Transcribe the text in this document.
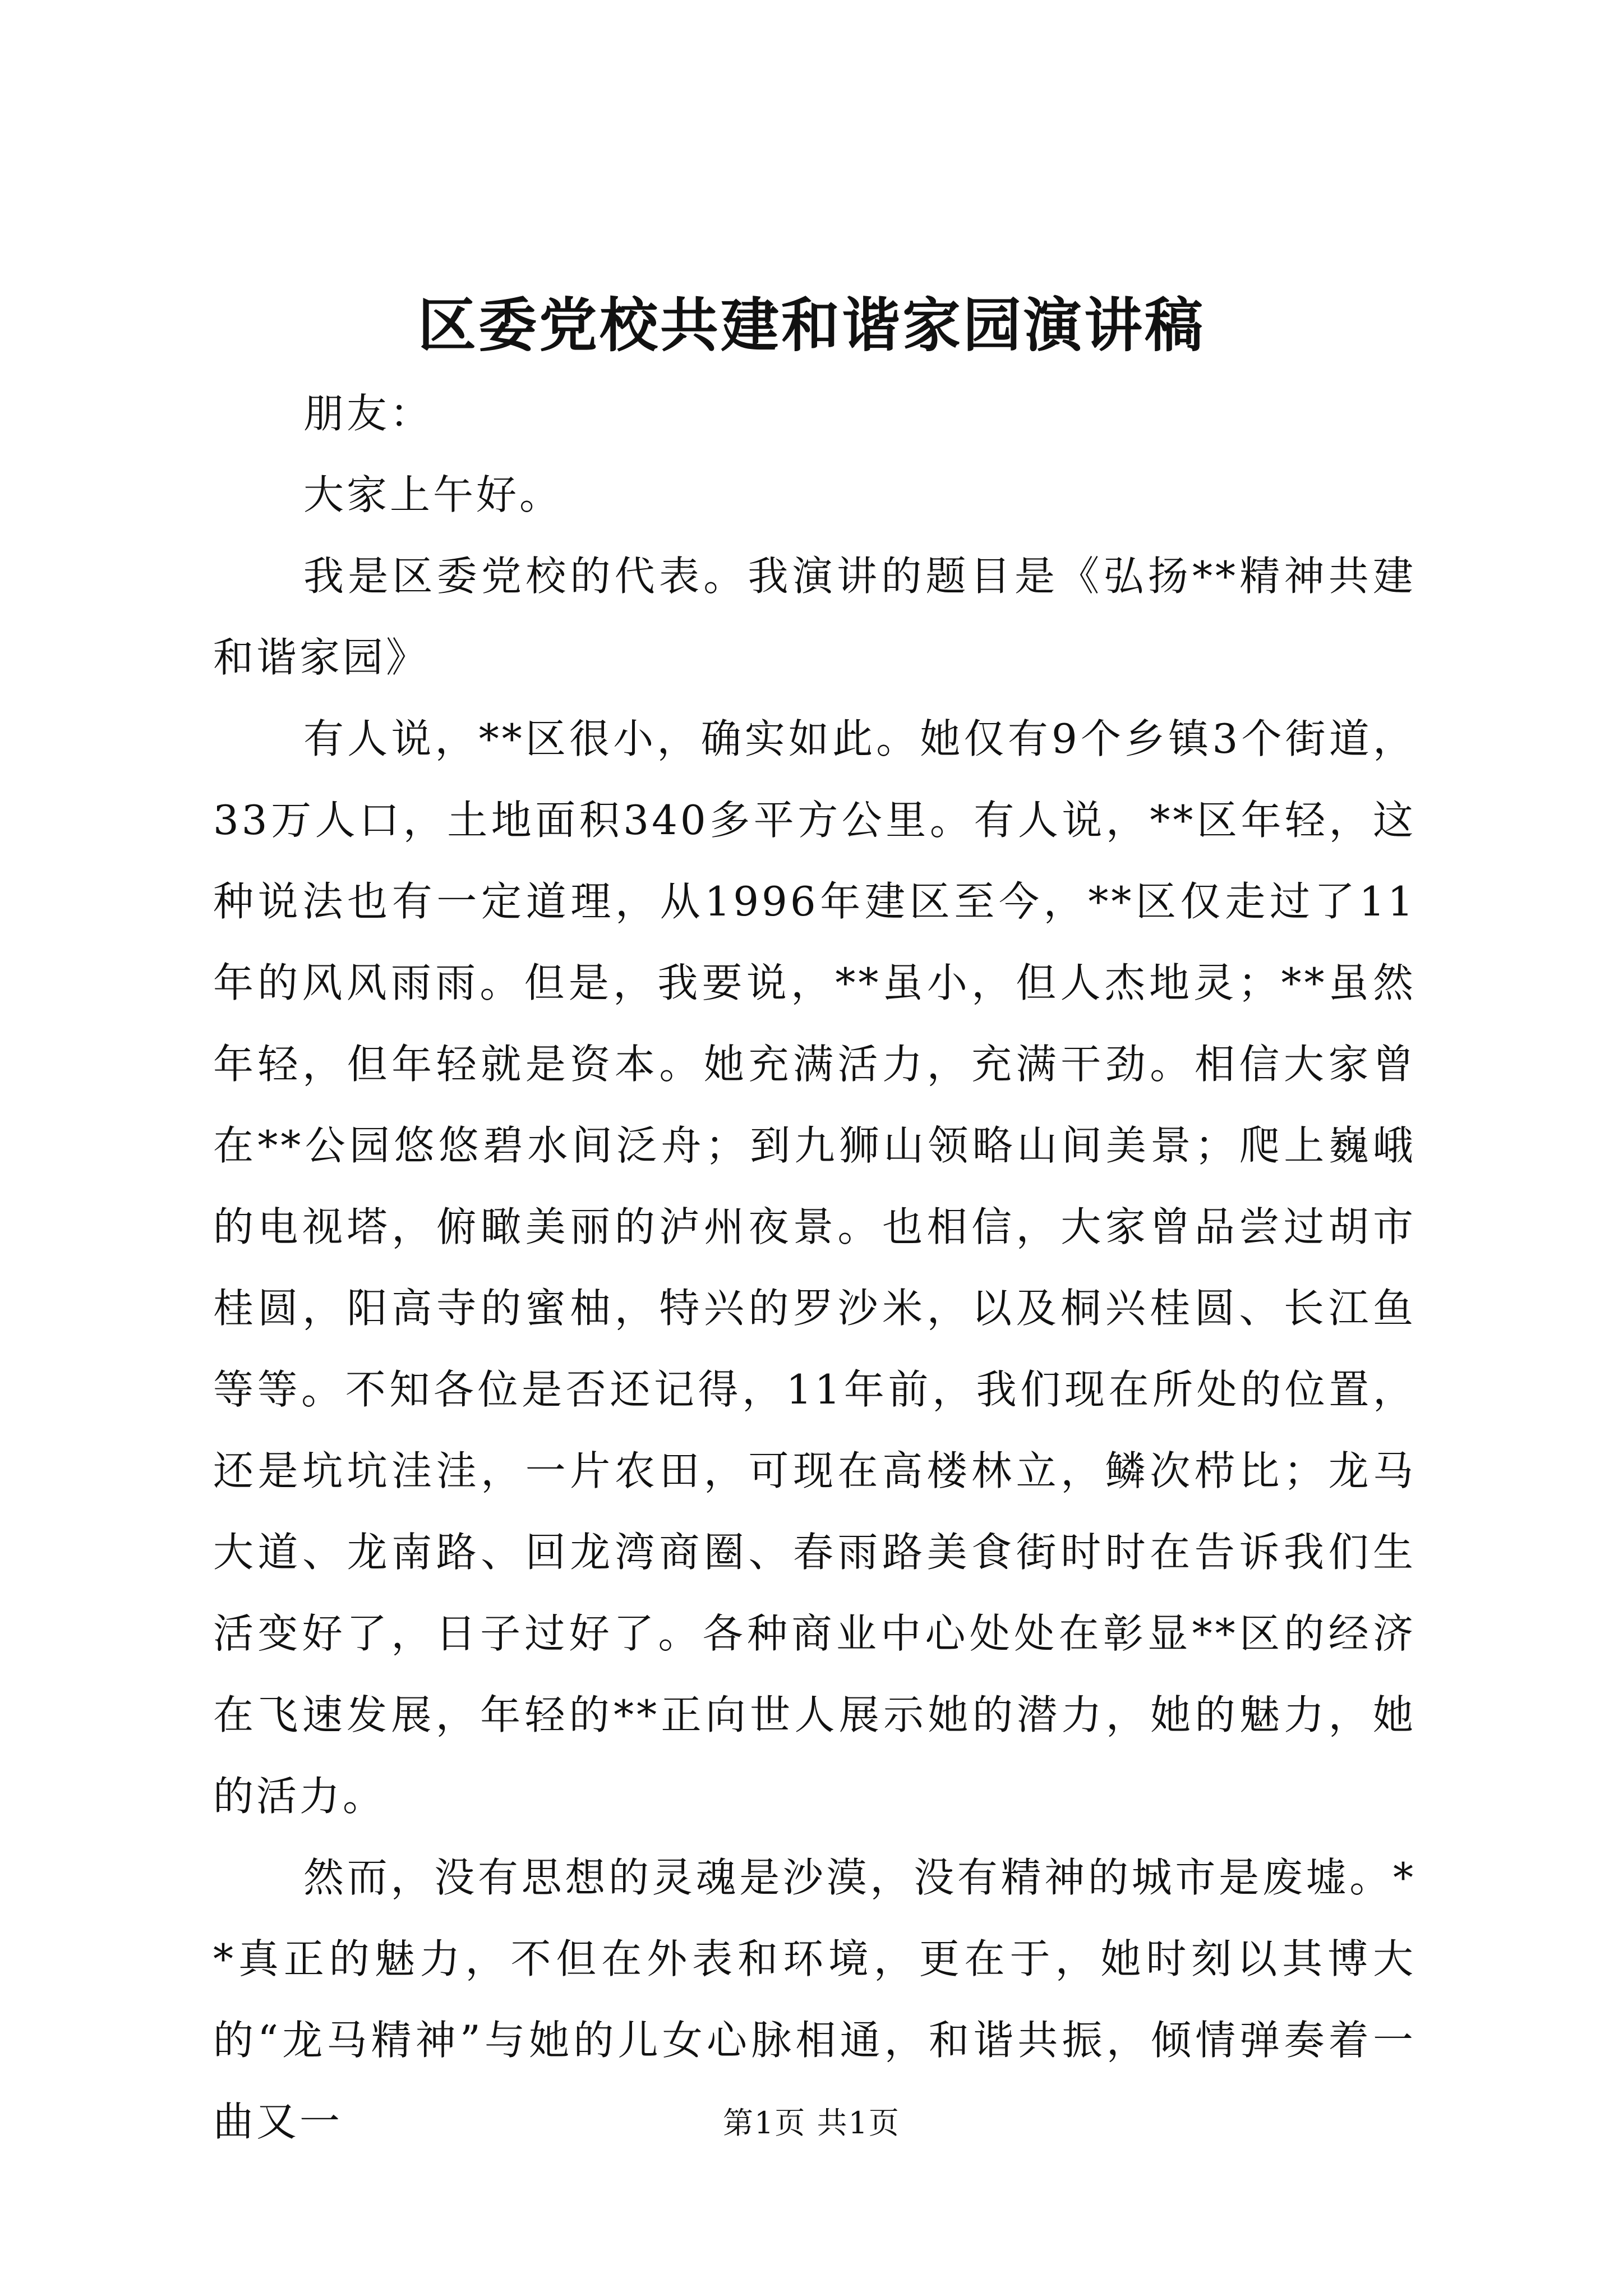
区委党校共建和谐家园演讲稿

朋友：

大家上午好。

我是区委党校的代表。我演讲的题目是《弘扬**精神共建和谐家园》

有人说，**区很小，确实如此。她仅有9个乡镇3个街道，33万人口，土地面积340多平方公里。有人说，**区年轻，这种说法也有一定道理，从1996年建区至今，**区仅走过了11年的风风雨雨。但是，我要说，**虽小，但人杰地灵；**虽然年轻，但年轻就是资本。她充满活力，充满干劲。相信大家曾在**公园悠悠碧水间泛舟；到九狮山领略山间美景；爬上巍峨的电视塔，俯瞰美丽的泸州夜景。也相信，大家曾品尝过胡市桂圆，阳高寺的蜜柚，特兴的罗沙米，以及桐兴桂圆、长江鱼等等。不知各位是否还记得，11年前，我们现在所处的位置，还是坑坑洼洼，一片农田，可现在高楼林立，鳞次栉比；龙马大道、龙南路、回龙湾商圈、春雨路美食街时时在告诉我们生活变好了，日子过好了。各种商业中心处处在彰显**区的经济在飞速发展，年轻的**正向世人展示她的潜力，她的魅力，她的活力。

然而，没有思想的灵魂是沙漠，没有精神的城市是废墟。**真正的魅力，不但在外表和环境，更在于，她时刻以其博大的“龙马精神”与她的儿女心脉相通，和谐共振，倾情弹奏着一曲又一	第1页 共1页
